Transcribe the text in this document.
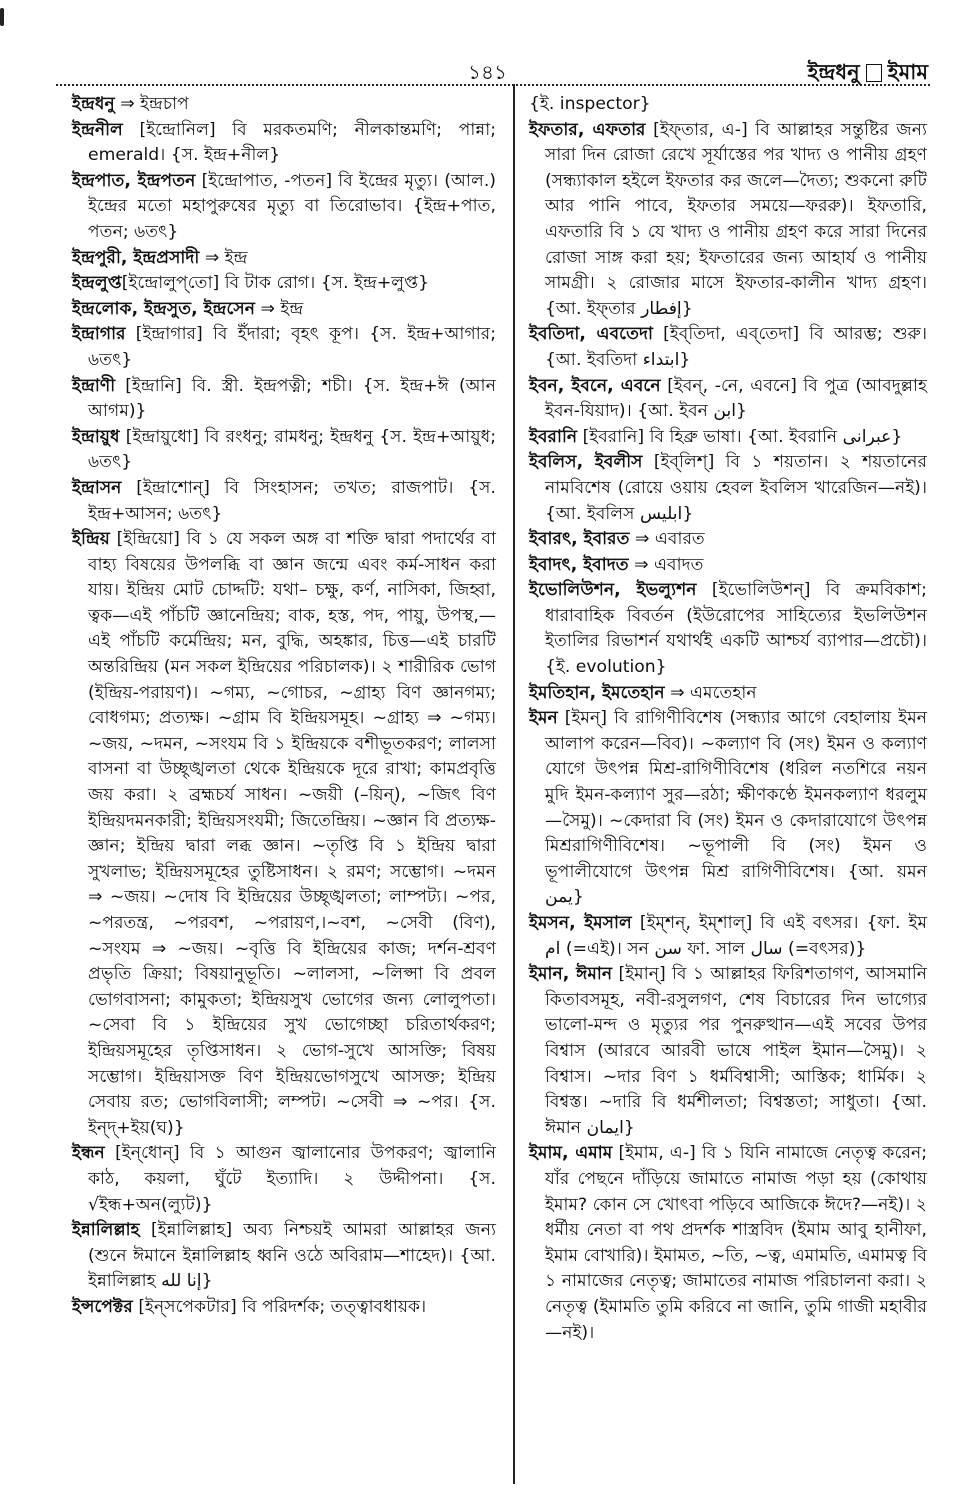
১৪১	ইন্দ্রধনু ইমাম

ইন্দ্রধনু ⇒ ইন্দ্রচাপ

ইন্দ্রনীল [ইন্দ্রোনিল] বি মরকতমণি; নীলকান্তমণি; পান্না; emerald। {স. ইন্দ্র+নীল}

ইন্দ্রপাত, ইন্দ্রপতন [ইন্দ্রোপাত, -পতন] বি ইন্দ্রের মৃত্যু। (আল.) ইন্দ্রের মতো মহাপুরুষের মৃত্যু বা তিরোভাব। {ইন্দ্র+পাত, পতন; ৬তৎ}

ইন্দ্রপুরী, ইন্দ্রপ্রসাদী ⇒ ইন্দ্র

ইন্দ্রলুপ্ত[ইন্দ্রোলুপ্‌তো] বি টাক রোগ। {স. ইন্দ্র+লুপ্ত}

ইন্দ্রলোক, ইন্দ্রসুত, ইন্দ্রসেন ⇒ ইন্দ্র

ইন্দ্রাগার [ইন্দ্রাগার] বি ইঁদারা; বৃহৎ কূপ। {স. ইন্দ্র+আগার; ৬তৎ}

ইন্দ্রাণী [ইন্দ্রানি] বি. স্ত্রী. ইন্দ্রপত্নী; শচী। {স. ইন্দ্র+ঈ (আন আগম)}

ইন্দ্রায়ুধ [ইন্দ্রায়ুধো] বি রংধনু; রামধনু; ইন্দ্রধনু {স. ইন্দ্র+আয়ুধ; ৬তৎ}

ইন্দ্রাসন [ইন্দ্রাশোন্] বি সিংহাসন; তখত; রাজপাট। {স. ইন্দ্র+আসন; ৬তৎ}

ইন্দ্রিয় [ইন্দ্রিয়ো] বি ১ যে সকল অঙ্গ বা শক্তি দ্বারা পদার্থের বা বাহ্য বিষয়ের উপলব্ধি বা জ্ঞান জন্মে এবং কর্ম-সাধন করা যায়। ইন্দ্রিয় মোট চোদ্দটি: যথা– চক্ষু, কর্ণ, নাসিকা, জিহ্বা, ত্বক—এই পাঁচটি জ্ঞানেন্দ্রিয়; বাক, হস্ত, পদ, পায়ু, উপস্থ,—এই পাঁচটি কর্মেন্দ্রিয়; মন, বুদ্ধি, অহঙ্কার, চিত্ত—এই চারটি অন্তরিন্দ্রিয় (মন সকল ইন্দ্রিয়ের পরিচালক)। ২ শারীরিক ভোগ (ইন্দ্রিয়-পরায়ণ)। ~গম্য, ~গোচর, ~গ্রাহ্য বিণ জ্ঞানগম্য; বোধগম্য; প্রত্যক্ষ। ~গ্রাম বি ইন্দ্রিয়সমূহ। ~গ্রাহ্য ⇒ ~গম্য। ~জয়, ~দমন, ~সংযম বি ১ ইন্দ্রিয়কে বশীভূতকরণ; লালসা বাসনা বা উচ্ছৃঙ্খলতা থেকে ইন্দ্রিয়কে দূরে রাখা; কামপ্রবৃত্তি জয় করা। ২ ব্রহ্মচর্য সাধন। ~জয়ী (–য়িন্), ~জিৎ বিণ ইন্দ্রিয়দমনকারী; ইন্দ্রিয়সংযমী; জিতেন্দ্রিয়। ~জ্ঞান বি প্রত্যক্ষ-জ্ঞান; ইন্দ্রিয় দ্বারা লব্ধ জ্ঞান। ~তৃপ্তি বি ১ ইন্দ্রিয় দ্বারা সুখলাভ; ইন্দ্রিয়সমূহের তুষ্টিসাধন। ২ রমণ; সম্ভোগ। ~দমন ⇒ ~জয়। ~দোষ বি ইন্দ্রিয়ের উচ্ছৃঙ্খলতা; লাম্পট্য। ~পর, ~পরতন্ত্র, ~পরবশ, ~পরায়ণ,।~বশ, ~সেবী (বিণ), ~সংযম ⇒ ~জয়। ~বৃত্তি বি ইন্দ্রিয়ের কাজ; দর্শন-শ্রবণ প্রভৃতি ক্রিয়া; বিষয়ানুভূতি। ~লালসা, ~লিপ্সা বি প্রবল ভোগবাসনা; কামুকতা; ইন্দ্রিয়সুখ ভোগের জন্য লোলুপতা। ~সেবা বি ১ ইন্দ্রিয়ের সুখ ভোগেচ্ছা চরিতার্থকরণ; ইন্দ্রিয়সমূহের তৃপ্তিসাধন। ২ ভোগ-সুখে আসক্তি; বিষয় সম্ভোগ। ইন্দ্রিয়াসক্ত বিণ ইন্দ্রিয়ভোগসুখে আসক্ত; ইন্দ্রিয় সেবায় রত; ভোগবিলাসী; লম্পট। ~সেবী ⇒ ~পর। {স. ইন্দ্+ইয়(ঘ)}

ইন্ধন [ইন্‌ধোন্] বি ১ আগুন জ্বালানোর উপকরণ; জ্বালানি কাঠ, কয়লা, ঘুঁটে ইত্যাদি। ২ উদ্দীপনা। {স. √ইন্ধ+অন(ল্যুট)}

ইন্নালিল্লাহ [ইন্নালিল্লাহ] অব্য নিশ্চয়ই আমরা আল্লাহর জন্য (শুনে ঈমানে ইন্নালিল্লাহ ধ্বনি ওঠে অবিরাম—শাহেদ)। {আ. ইন্নালিল্লাহ إنا لله}

ইন্সপেক্টর [ইন্‌সপেকটার] বি পরিদর্শক; তত্ত্বাবধায়ক।

{ই. inspector}

ইফতার, এফতার [ইফ্‌তার, এ-] বি আল্লাহর সন্তুষ্টির জন্য সারা দিন রোজা রেখে সূর্যাস্তের পর খাদ্য ও পানীয় গ্রহণ (সন্ধ্যাকাল হইলে ইফতার কর জলে—দৈত্য; শুকনো রুটি আর পানি পাবে, ইফতার সময়ে—ফররু)। ইফতারি, এফতারি বি ১ যে খাদ্য ও পানীয় গ্রহণ করে সারা দিনের রোজা সাঙ্গ করা হয়; ইফতারের জন্য আহার্য ও পানীয় সামগ্রী। ২ রোজার মাসে ইফতার-কালীন খাদ্য গ্রহণ। {আ. ইফ্‌তার إفطار}

ইবতিদা, এবতেদা [ইব্‌তিদা, এব্‌তেদা] বি আরম্ভ; শুরু। {আ. ইবতিদা ابتداء}

ইবন, ইবনে, এবনে [ইবন্, -নে, এবনে] বি পুত্র (আবদুল্লাহ ইবন-যিয়াদ)। {আ. ইবন ابن}

ইবরানি [ইবরানি] বি হিব্রু ভাষা। {আ. ইবরানি عبرانی}

ইবলিস, ইবলীস [ইব্‌লিশ্] বি ১ শয়তান। ২ শয়তানের নামবিশেষ (রোয়ে ওয়ায় হেবল ইবলিস খারেজিন—নই)। {আ. ইবলিস ابلیس}

ইবারৎ, ইবারত ⇒ এবারত

ইবাদৎ, ইবাদত ⇒ এবাদত

ইভোলিউশন, ইভল্যুশন [ইভোলিউশন্] বি ক্রমবিকাশ; ধারাবাহিক বিবর্তন (ইউরোপের সাহিত্যের ইভলিউশন ইতালির রিভাশর্ন যথার্থই একটি আশ্চর্য ব্যাপার—প্রচৌ)। {ই. evolution}

ইমতিহান, ইমতেহান ⇒ এমতেহান

ইমন [ইমন্] বি রাগিণীবিশেষ (সন্ধ্যার আগে বেহালায় ইমন আলাপ করেন—বিব)। ~কল্যাণ বি (সং) ইমন ও কল্যাণ যোগে উৎপন্ন মিশ্র-রাগিণীবিশেষ (ধরিল নতশিরে নয়ন মুদি ইমন-কল্যাণ সুর—রঠা; ক্ষীণকণ্ঠে ইমনকল্যাণ ধরলুম—সৈমু)। ~কেদারা বি (সং) ইমন ও কেদারাযোগে উৎপন্ন মিশ্ররাগিণীবিশেষ। ~ভূপালী বি (সং) ইমন ও ভূপালীযোগে উৎপন্ন মিশ্র রাগিণীবিশেষ। {আ. য়মন يمن}

ইমসন, ইমসাল [ইম্‌শন্, ইম্‌শাল্] বি এই বৎসর। {ফা. ইম ام (=এই)। সন سن ফা. সাল سال (=বৎসর)}

ইমান, ঈমান [ইমান্] বি ১ আল্লাহর ফিরিশতাগণ, আসমানি কিতাবসমূহ, নবী-রসুলগণ, শেষ বিচারের দিন ভাগ্যের ভালো-মন্দ ও মৃত্যুর পর পুনরুত্থান—এই সবের উপর বিশ্বাস (আরবে আরবী ভাষে পাইল ইমান—সৈমু)। ২ বিশ্বাস। ~দার বিণ ১ ধর্মবিশ্বাসী; আস্তিক; ধার্মিক। ২ বিশ্বস্ত। ~দারি বি ধর্মশীলতা; বিশ্বস্ততা; সাধুতা। {আ. ঈমান ایمان}

ইমাম, এমাম [ইমাম, এ-] বি ১ যিনি নামাজে নেতৃত্ব করেন; যাঁর পেছনে দাঁড়িয়ে জামাতে নামাজ পড়া হয় (কোথায় ইমাম? কোন সে খোৎবা পড়িবে আজিকে ঈদে?—নই)। ২ ধর্মীয় নেতা বা পথ প্রদর্শক শাস্ত্রবিদ (ইমাম আবু হানীফা, ইমাম বোখারি)। ইমামত, ~তি, ~ত্ব, এমামতি, এমামত্ব বি ১ নামাজের নেতৃত্ব; জামাতের নামাজ পরিচালনা করা। ২ নেতৃত্ব (ইমামতি তুমি করিবে না জানি, তুমি গাজী মহাবীর—নই)।
